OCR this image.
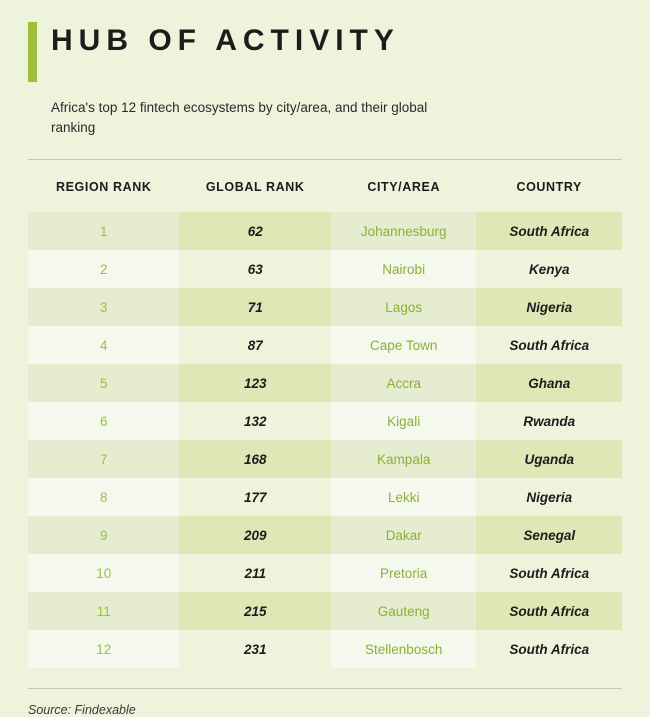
HUB OF ACTIVITY
Africa's top 12 fintech ecosystems by city/area, and their global ranking
REGION RANK	GLOBAL RANK	CITY/AREA	COUNTRY
1	62	Johannesburg	South Africa
2	63	Nairobi	Kenya
3	71	Lagos	Nigeria
4	87	Cape Town	South Africa
5	123	Accra	Ghana
6	132	Kigali	Rwanda
7	168	Kampala	Uganda
8	177	Lekki	Nigeria
9	209	Dakar	Senegal
10	211	Pretoria	South Africa
11	215	Gauteng	South Africa
12	231	Stellenbosch	South Africa
Source: Findexable
